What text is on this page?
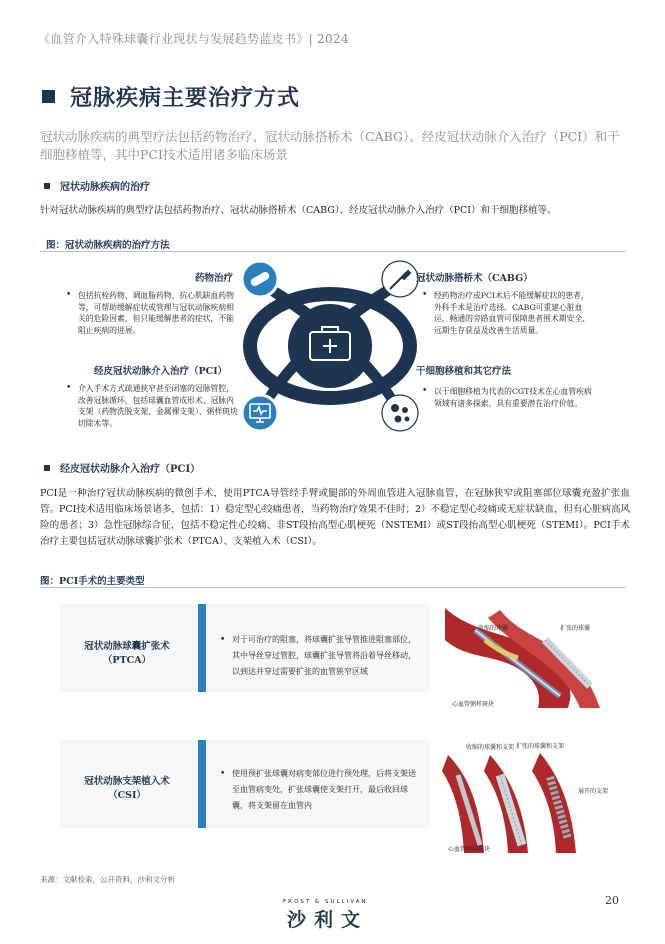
《血管介入特殊球囊行业现状与发展趋势蓝皮书》| 2024
冠脉疾病主要治疗方式
冠状动脉疾病的典型疗法包括药物治疗、冠状动脉搭桥术（CABG）、经皮冠状动脉介入治疗（PCI）和干细胞移植等，其中PCI技术适用诸多临床场景
冠状动脉疾病的治疗
针对冠状动脉疾病的典型疗法包括药物治疗、冠状动脉搭桥术（CABG）、经皮冠状动脉介入治疗（PCI）和干细胞移植等。
图：冠状动脉疾病的治疗方法
药物治疗
• 包括抗栓药物、调血脂药物、抗心肌缺血药物等，可帮助缓解症状或管理与冠状动脉疾病相关的危险因素，但只能缓解患者的症状，不能阻止疾病的进展。
冠状动脉搭桥术（CABG）
• 经药物治疗或PCI术后不能缓解症状的患者，外科手术是治疗选择。CABG可重建心脏血运，畅通的旁路血管可保障患者围术期安全、远期生存获益及改善生活质量。
经皮冠状动脉介入治疗（PCI）
• 介入手术方式疏通狭窄甚至闭塞的冠脉管腔，改善冠脉循环，包括球囊血管成形术、冠脉内支架（药物洗脱支架、金属裸支架）、粥样斑块切除术等。
干细胞移植和其它疗法
• 以干细胞移植为代表的CGT技术在心血管疾病领域有诸多探索，具有重要潜在治疗价值。
经皮冠状动脉介入治疗（PCI）
PCI是一种治疗冠状动脉疾病的微创手术，使用PTCA导管经手臂或腿部的外周血管进入冠脉血管，在冠脉狭窄或阻塞部位球囊充盈扩张血管。PCI技术适用临床场景诸多，包括：1）稳定型心绞痛患者，当药物治疗效果不佳时；2）不稳定型心绞痛或无症状缺血，但有心脏病高风险的患者；3）急性冠脉综合征，包括不稳定性心绞痛、非ST段抬高型心肌梗死（NSTEMI）或ST段抬高型心肌梗死（STEMI）。PCI手术治疗主要包括冠状动脉球囊扩张术（PTCA）、支架植入术（CSI）。
图：PCI手术的主要类型
冠状动脉球囊扩张术
（PTCA）
• 对于可治疗的阻塞，将球囊扩张导管推进阻塞部位，其中导丝穿过管腔，球囊扩张导管将沿着导丝移动，以到达并穿过需要扩张的血管狭窄区域
收缩的球囊	扩张的球囊
心血管粥样斑块
冠状动脉支架植入术
（CSI）
• 使用预扩张球囊对病变部位进行预处理，后将支架送至血管病变处，扩张球囊使支架打开，最后收回球囊，将支架留在血管内
收缩的球囊和支架 扩张的球囊和支架
展开的支架
心血管粥样斑块
来源：文献检索，公开资料，沙利文分析
20
FROST & SULLIVAN
沙利文
